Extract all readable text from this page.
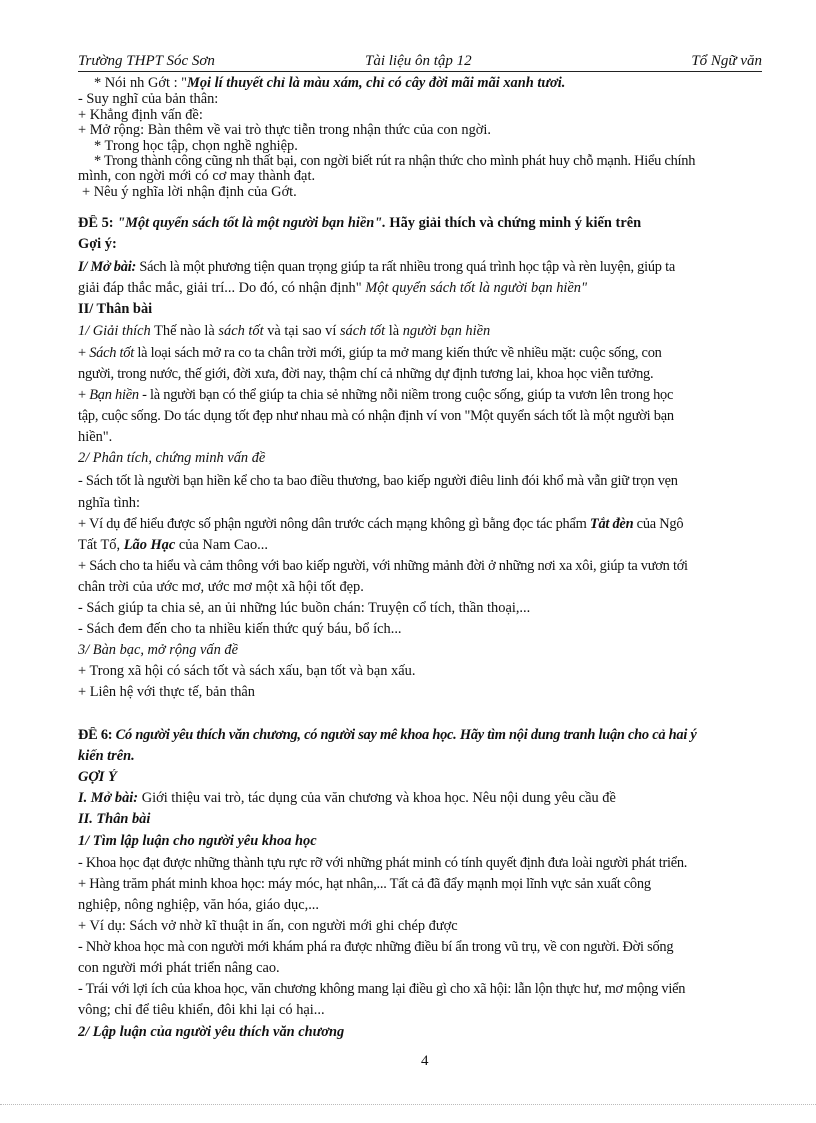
Trường THPT Sóc Sơn	Tài liệu ôn tập 12	Tổ Ngữ văn
* Nói nh Gớt : "Mọi lí thuyết chỉ là màu xám, chỉ có cây đời mãi mãi xanh tươi.
- Suy nghĩ của bản thân:
+ Khẳng định vấn đề:
+ Mở rộng: Bàn thêm về vai trò thực tiễn trong nhận thức của con ngời.
* Trong học tập, chọn nghề nghiệp.
* Trong thành công cũng nh thất bại, con ngời biết rút ra nhận thức cho mình phát huy chỗ mạnh. Hiểu chính
mình, con ngời mới có cơ may thành đạt.
+ Nêu ý nghĩa lời nhận định của Gớt.
ĐỀ 5: "Một quyển sách tốt là một người bạn hiền". Hãy giải thích và chứng minh ý kiến trên
Gợi ý:
I/ Mở bài: Sách là một phương tiện quan trọng giúp ta rất nhiều trong quá trình học tập và rèn luyện, giúp ta
giải đáp thắc mắc, giải trí... Do đó, có nhận định" Một quyển sách tốt là người bạn hiền"
II/ Thân bài
1/ Giải thích Thế nào là sách tốt và tại sao ví sách tốt là người bạn hiền
+ Sách tốt là loại sách mở ra co ta chân trời mới, giúp ta mở mang kiến thức về nhiều mặt: cuộc sống, con
người, trong nước, thế giới, đời xưa, đời nay, thậm chí cả những dự định tương lai, khoa học viễn tưởng.
+ Bạn hiền - là người bạn có thể giúp ta chia sẻ những nỗi niềm trong cuộc sống, giúp ta vươn lên trong học
tập, cuộc sống. Do tác dụng tốt đẹp như nhau mà có nhận định ví von "Một quyển sách tốt là một người bạn
hiền".
2/ Phân tích, chứng minh vấn đề
- Sách tốt là người bạn hiền kể cho ta bao điều thương, bao kiếp người điêu linh đói khổ mà vẫn giữ trọn vẹn
nghĩa tình:
+ Ví dụ để hiểu được số phận người nông dân trước cách mạng không gì bằng đọc tác phẩm Tắt đèn của Ngô
Tất Tố, Lão Hạc của Nam Cao...
+ Sách cho ta hiểu và cảm thông với bao kiếp người, với những mảnh đời ở những nơi xa xôi, giúp ta vươn tới
chân trời của ước mơ, ước mơ một xã hội tốt đẹp.
- Sách giúp ta chia sẻ, an ủi những lúc buồn chán: Truyện cổ tích, thần thoại,...
- Sách đem đến cho ta nhiều kiến thức quý báu, bổ ích...
3/ Bàn bạc, mở rộng vấn đề
+ Trong xã hội có sách tốt và sách xấu, bạn tốt và bạn xấu.
+ Liên hệ với thực tế, bản thân
ĐỀ 6: Có người yêu thích văn chương, có người say mê khoa học. Hãy tìm nội dung tranh luận cho cả hai ý
kiến trên.
GỢI Ý
I. Mở bài: Giới thiệu vai trò, tác dụng của văn chương và khoa học. Nêu nội dung yêu cầu đề
II. Thân bài
1/ Tìm lập luận cho người yêu khoa học
- Khoa học đạt được những thành tựu rực rỡ với những phát minh có tính quyết định đưa loài người phát triển.
+ Hàng trăm phát minh khoa học: máy móc, hạt nhân,... Tất cả đã đẩy mạnh mọi lĩnh vực sản xuất công
nghiệp, nông nghiệp, văn hóa, giáo dục,...
+ Ví dụ: Sách vở nhờ kĩ thuật in ấn, con người mới ghi chép được
- Nhờ khoa học mà con người mới khám phá ra được những điều bí ẩn trong vũ trụ, về con người. Đời sống
con người mới phát triển nâng cao.
- Trái với lợi ích của khoa học, văn chương không mang lại điều gì cho xã hội: lẫn lộn thực hư, mơ mộng viển
vông; chỉ để tiêu khiển, đôi khi lại có hại...
2/ Lập luận của người yêu thích văn chương
4
